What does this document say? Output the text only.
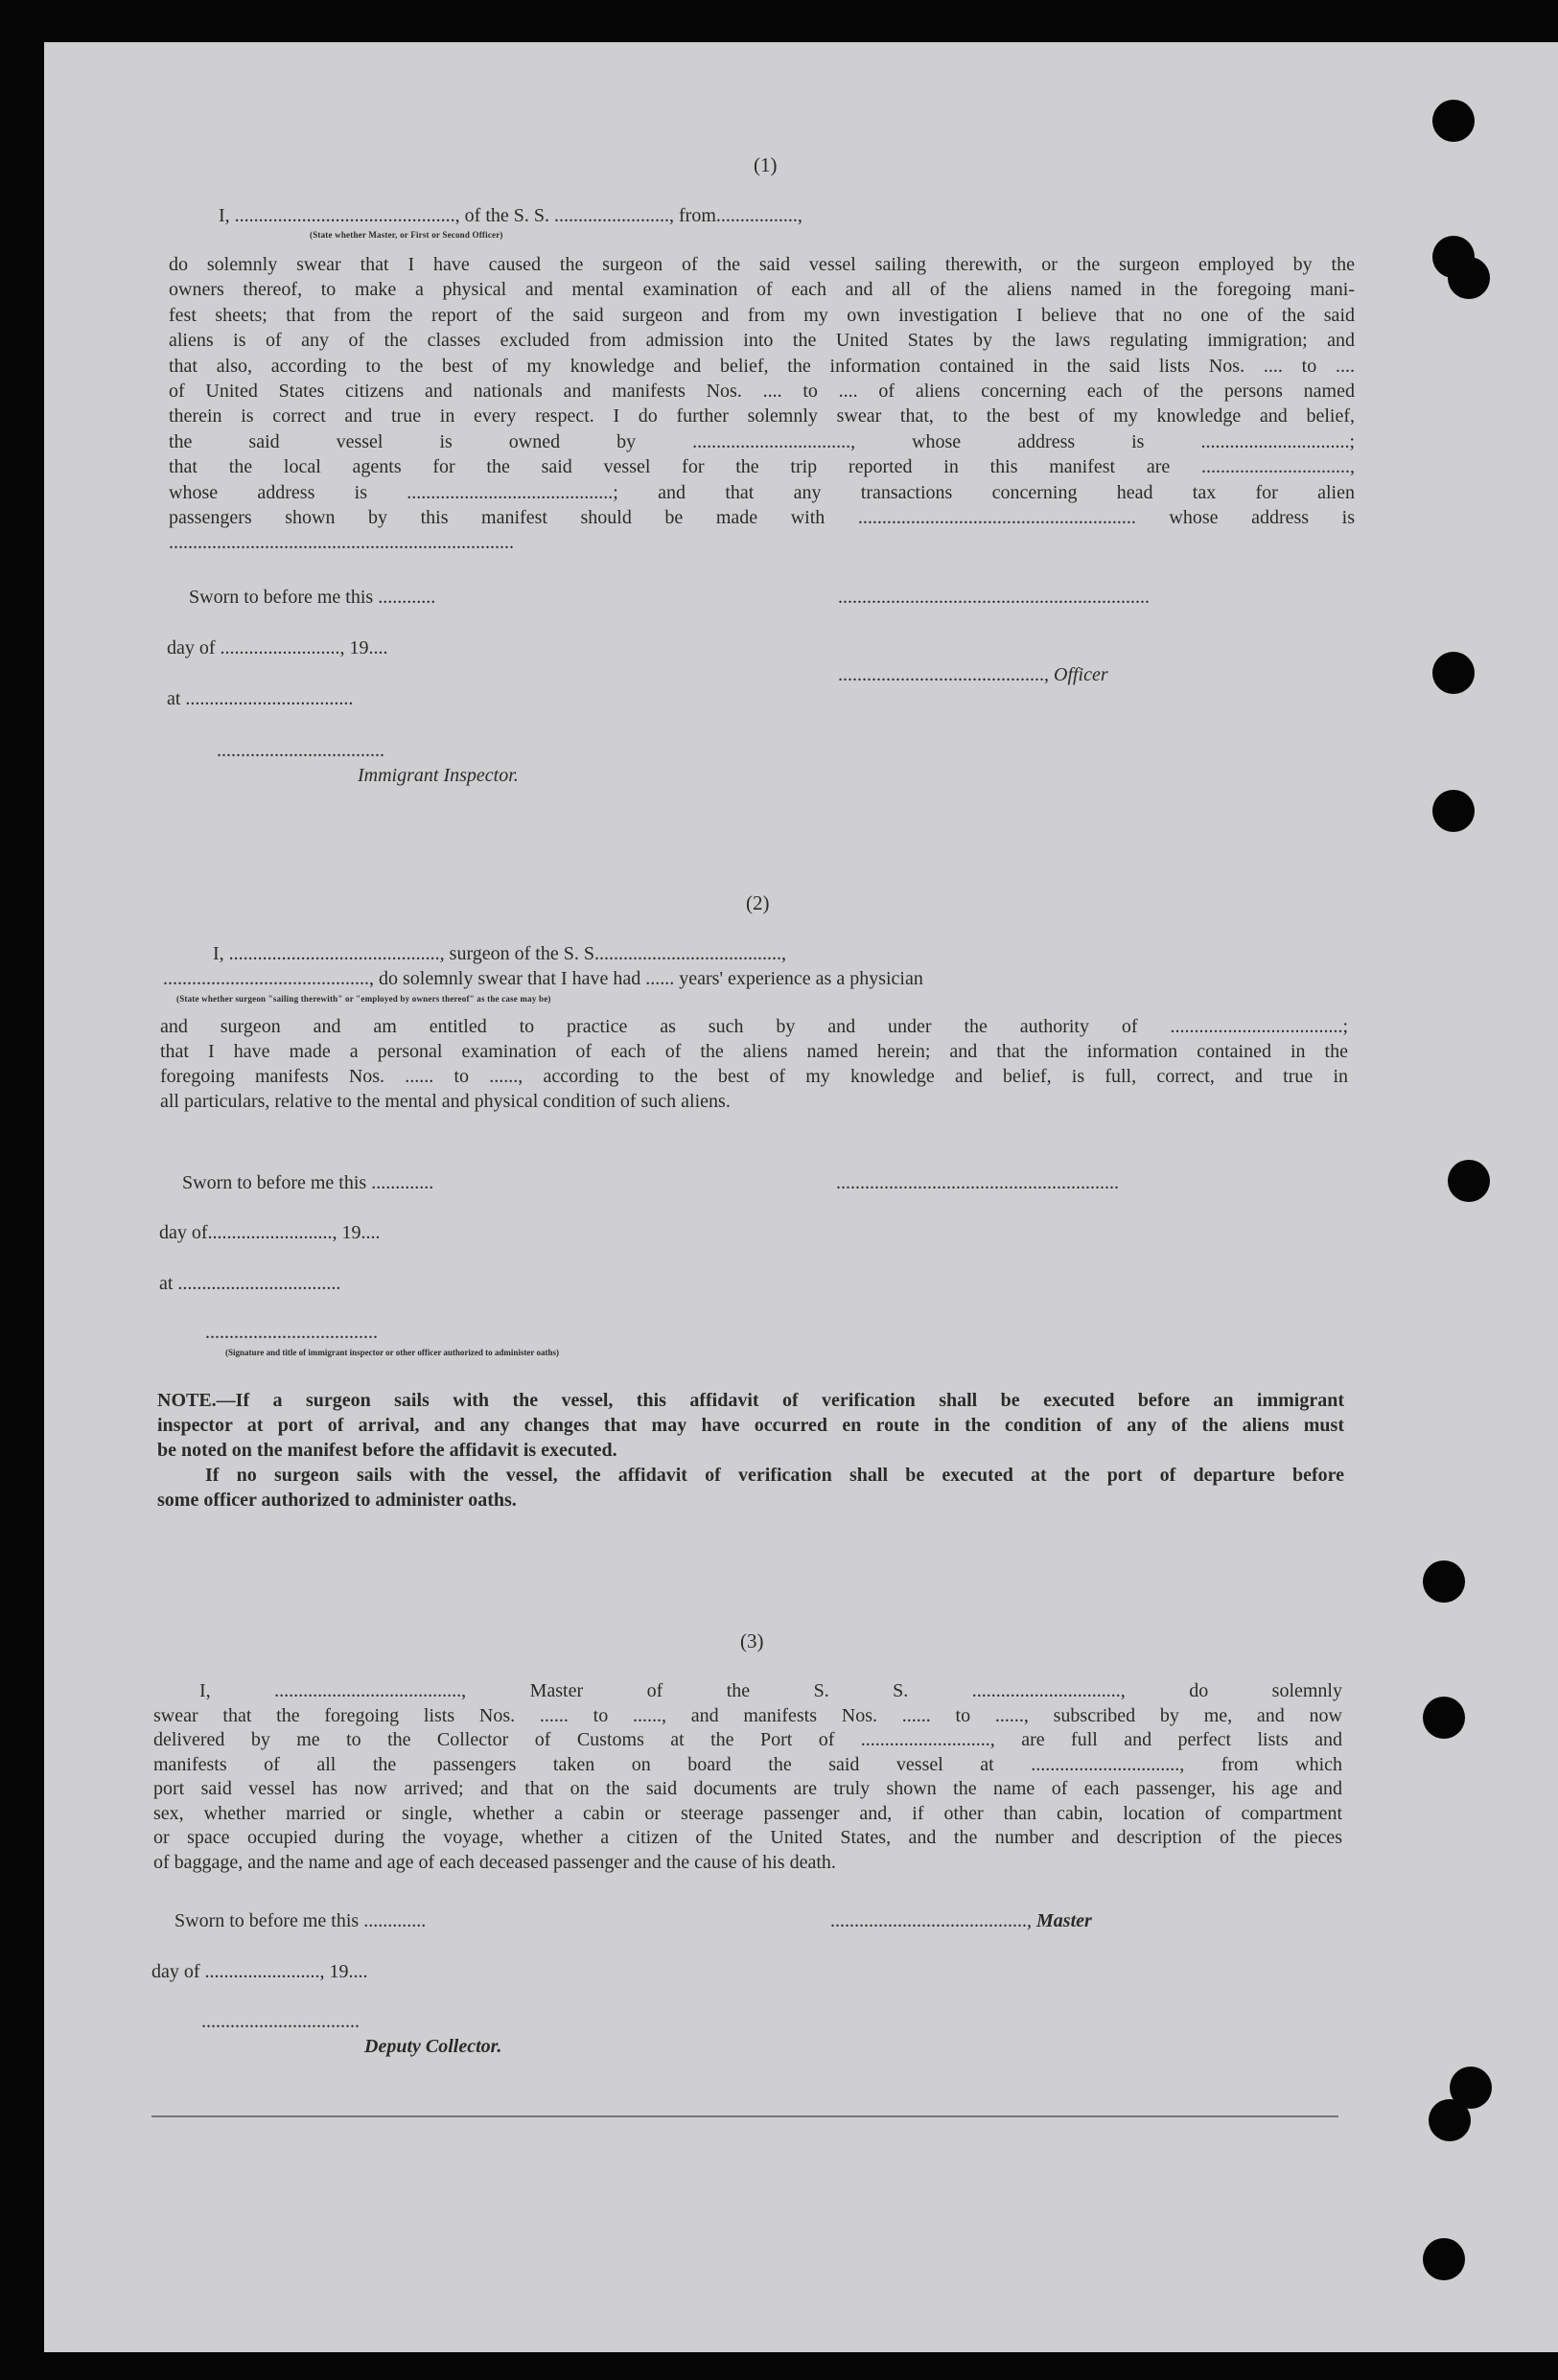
(1)
I, .............................................., of the S. S. ........................, from.................,
(State whether Master, or First or Second Officer)
do solemnly swear that I have caused the surgeon of the said vessel sailing therewith, or the surgeon employed by the
owners thereof, to make a physical and mental examination of each and all of the aliens named in the foregoing mani-
fest sheets; that from the report of the said surgeon and from my own investigation I believe that no one of the said
aliens is of any of the classes excluded from admission into the United States by the laws regulating immigration; and
that also, according to the best of my knowledge and belief, the information contained in the said lists Nos. .... to ....
of United States citizens and nationals and manifests Nos. .... to .... of aliens concerning each of the persons named
therein is correct and true in every respect. I do further solemnly swear that, to the best of my knowledge and belief,
the said vessel is owned by ................................., whose address is ...............................;
that the local agents for the said vessel for the trip reported in this manifest are ...............................,
whose address is ...........................................; and that any transactions concerning head tax for alien
passengers shown by this manifest should be made with .......................................................... whose address is
........................................................................
Sworn to before me this ............	.................................................................
day of ........................., 19....
..........................................., Officer
at ...................................
...................................
Immigrant Inspector.
(2)
I, ............................................, surgeon of the S. S.......................................,
..........................................., do solemnly swear that I have had ...... years' experience as a physician
(State whether surgeon "sailing therewith" or "employed by owners thereof" as the case may be)
and surgeon and am entitled to practice as such by and under the authority of ....................................;
that I have made a personal examination of each of the aliens named herein; and that the information contained in the
foregoing manifests Nos. ...... to ......, according to the best of my knowledge and belief, is full, correct, and true in
all particulars, relative to the mental and physical condition of such aliens.
Sworn to before me this .............	...........................................................
day of.........................., 19....
at ..................................
....................................
(Signature and title of immigrant inspector or other officer authorized to administer oaths)
NOTE.—If a surgeon sails with the vessel, this affidavit of verification shall be executed before an immigrant
inspector at port of arrival, and any changes that may have occurred en route in the condition of any of the aliens must
be noted on the manifest before the affidavit is executed.
If no surgeon sails with the vessel, the affidavit of verification shall be executed at the port of departure before
some officer authorized to administer oaths.
(3)
I, ......................................., Master of the S. S. ..............................., do solemnly
swear that the foregoing lists Nos. ...... to ......, and manifests Nos. ...... to ......, subscribed by me, and now
delivered by me to the Collector of Customs at the Port of ..........................., are full and perfect lists and
manifests of all the passengers taken on board the said vessel at ..............................., from which
port said vessel has now arrived; and that on the said documents are truly shown the name of each passenger, his age and
sex, whether married or single, whether a cabin or steerage passenger and, if other than cabin, location of compartment
or space occupied during the voyage, whether a citizen of the United States, and the number and description of the pieces
of baggage, and the name and age of each deceased passenger and the cause of his death.
Sworn to before me this .............	........................................., Master
day of ........................, 19....
.................................
Deputy Collector.
